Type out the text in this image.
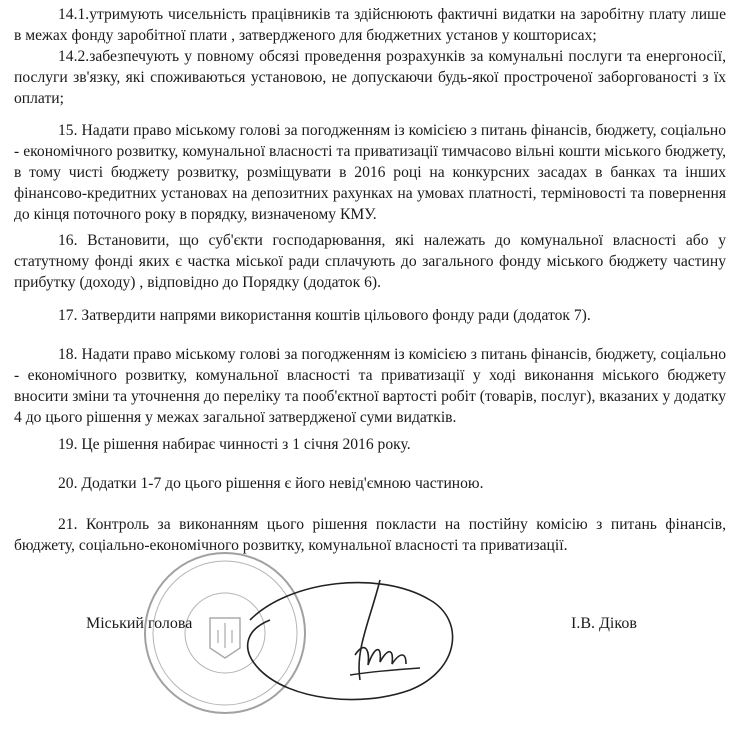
14.1.утримують чисельність працівників та здійснюють фактичні видатки на заробітну плату лише в межах фонду заробітної плати , затвердженого для бюджетних установ у кошторисах;

14.2.забезпечують у повному обсязі проведення розрахунків за комунальні послуги та енергоносії, послуги зв'язку, які споживаються установою, не допускаючи будь-якої простроченої заборгованості з їх оплати;

15. Надати право міському голові за погодженням із комісією з питань фінансів, бюджету, соціально - економічного розвитку, комунальної власності та приватизації тимчасово вільні кошти міського бюджету, в тому чисті бюджету розвитку, розміщувати в 2016 році на конкурсних засадах в банках та інших фінансово-кредитних установах на депозитних рахунках на умовах платності, терміновості та повернення до кінця поточного року в порядку, визначеному КМУ.

16. Встановити, що суб'єкти господарювання, які належать до комунальної власності або у статутному фонді яких є частка міської ради сплачують до загального фонду міського бюджету частину прибутку (доходу) , відповідно до Порядку (додаток 6).

17. Затвердити напрями використання коштів цільового фонду ради (додаток 7).

18. Надати право міському голові за погодженням із комісією з питань фінансів, бюджету, соціально - економічного розвитку, комунальної власності та приватизації у ході виконання міського бюджету вносити зміни та уточнення до переліку та пооб'єктної вартості робіт (товарів, послуг), вказаних у додатку 4 до цього рішення у межах загальної затвердженої суми видатків.

19. Це рішення набирає чинності з 1 січня 2016 року.

20. Додатки 1-7 до цього рішення є його невід'ємною частиною.

21. Контроль за виконанням цього рішення покласти на постійну комісію з питань фінансів, бюджету, соціально-економічного розвитку, комунальної власності та приватизації.

Міський голова	І.В. Діков
